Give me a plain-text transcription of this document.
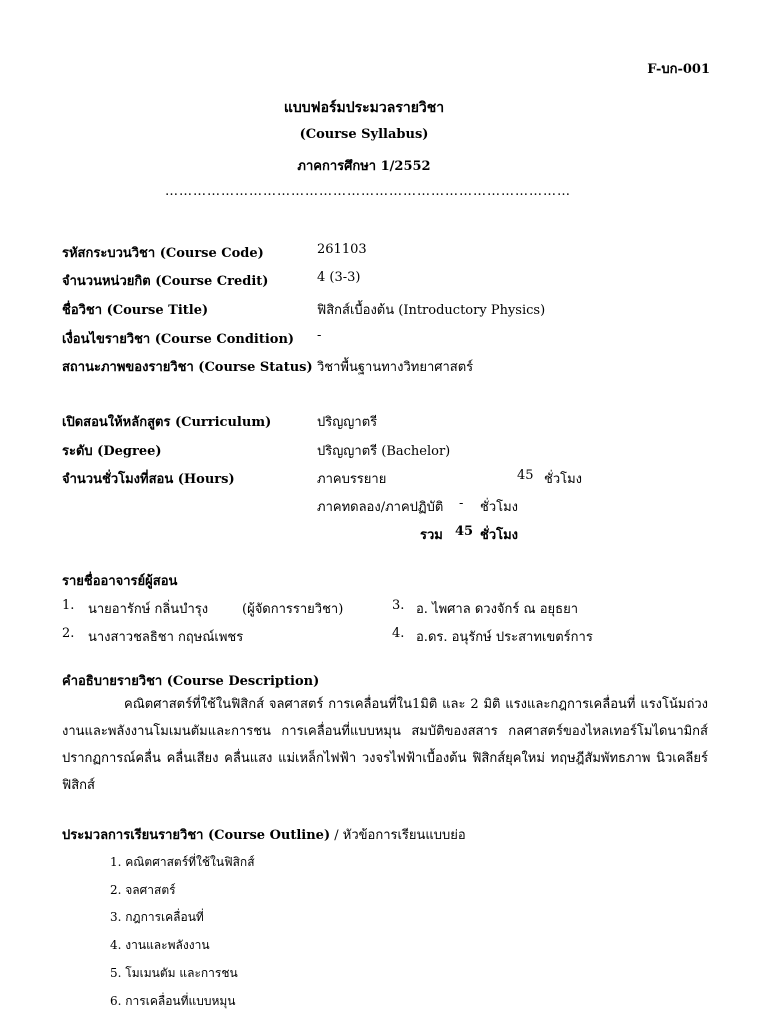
F-บก-001
แบบฟอร์มประมวลรายวิชา
(Course Syllabus)
ภาคการศึกษา 1/2552
……………………………………………………………………………
รหัสกระบวนวิชา (Course Code)	261103
จำนวนหน่วยกิต (Course Credit)	4 (3-3)
ชื่อวิชา (Course Title)	ฟิสิกส์เบื้องต้น (Introductory Physics)
เงื่อนไขรายวิชา (Course Condition) -
สถานะภาพของรายวิชา (Course Status) วิชาพื้นฐานทางวิทยาศาสตร์
เปิดสอนให้หลักสูตร (Curriculum)	ปริญญาตรี
ระดับ (Degree)	ปริญญาตรี (Bachelor)
จำนวนชั่วโมงที่สอน (Hours)	ภาคบรรยาย	45 ชั่วโมง
ภาคทดลอง/ภาคปฏิบัติ - ชั่วโมง
รวม 45 ชั่วโมง
รายชื่ออาจารย์ผู้สอน
1. นายอารักษ์ กลิ่นบำรุง	(ผู้จัดการรายวิชา)
2. นางสาวชลธิชา กฤษณ์เพชร
3. อ. ไพศาล ดวงจักร์ ณ อยุธยา
4. อ.ดร. อนุรักษ์ ประสาทเขตร์การ
คำอธิบายรายวิชา (Course Description)

คณิตศาสตร์ที่ใช้ในฟิสิกส์ จลศาสตร์ การเคลื่อนที่ใน1มิติ และ 2 มิติ แรงและกฎการเคลื่อนที่ แรงโน้มถ่วง งานและพลังงานโมเมนตัมและการชน การเคลื่อนที่แบบหมุน สมบัติของสสาร กลศาสตร์ของไหลเทอร์โมไดนามิกส์ ปรากฏการณ์คลื่น คลื่นเสียง คลื่นแสง แม่เหล็กไฟฟ้า วงจรไฟฟ้าเบื้องต้น ฟิสิกส์ยุคใหม่ ทฤษฎีสัมพัทธภาพ นิวเคลียร์ฟิสิกส์

ประมวลการเรียนรายวิชา (Course Outline) / หัวข้อการเรียนแบบย่อ
1. คณิตศาสตร์ที่ใช้ในฟิสิกส์
2. จลศาสตร์
3. กฎการเคลื่อนที่
4. งานและพลังงาน
5. โมเมนตัม และการชน
6. การเคลื่อนที่แบบหมุน
